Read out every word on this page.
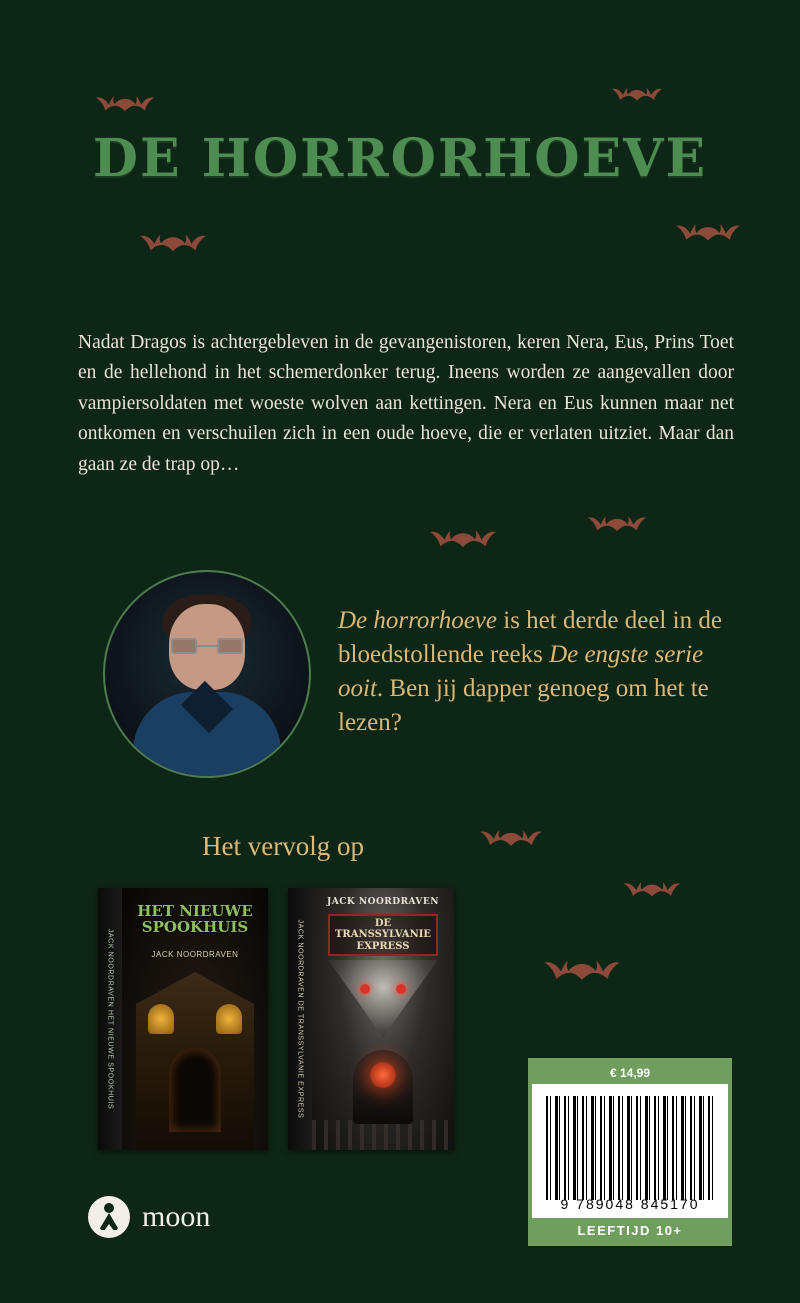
DE HORRORHOEVE

Nadat Dragos is achtergebleven in de gevangenistoren, keren Nera, Eus, Prins Toet en de hellehond in het schemerdonker terug. Ineens worden ze aangevallen door vampiersoldaten met woeste wolven aan kettingen. Nera en Eus kunnen maar net ontkomen en verschuilen zich in een oude hoeve, die er verlaten uitziet. Maar dan gaan ze de trap op…

De horrorhoeve is het derde deel in de bloedstollende reeks De engste serie ooit. Ben jij dapper genoeg om het te lezen?
Het vervolg op
JACK NOORDRAVEN HET NIEUWE SPOOKHUIS
HET NIEUWE SPOOKHUIS
JACK NOORDRAVEN	JACK NOORDRAVEN DE TRANSSYLVANIE EXPRESS
JACK NOORDRAVEN
DE
TRANSSYLVANIE
EXPRESS
moon
€ 14,99
9 789048 845170
LEEFTIJD 10+
